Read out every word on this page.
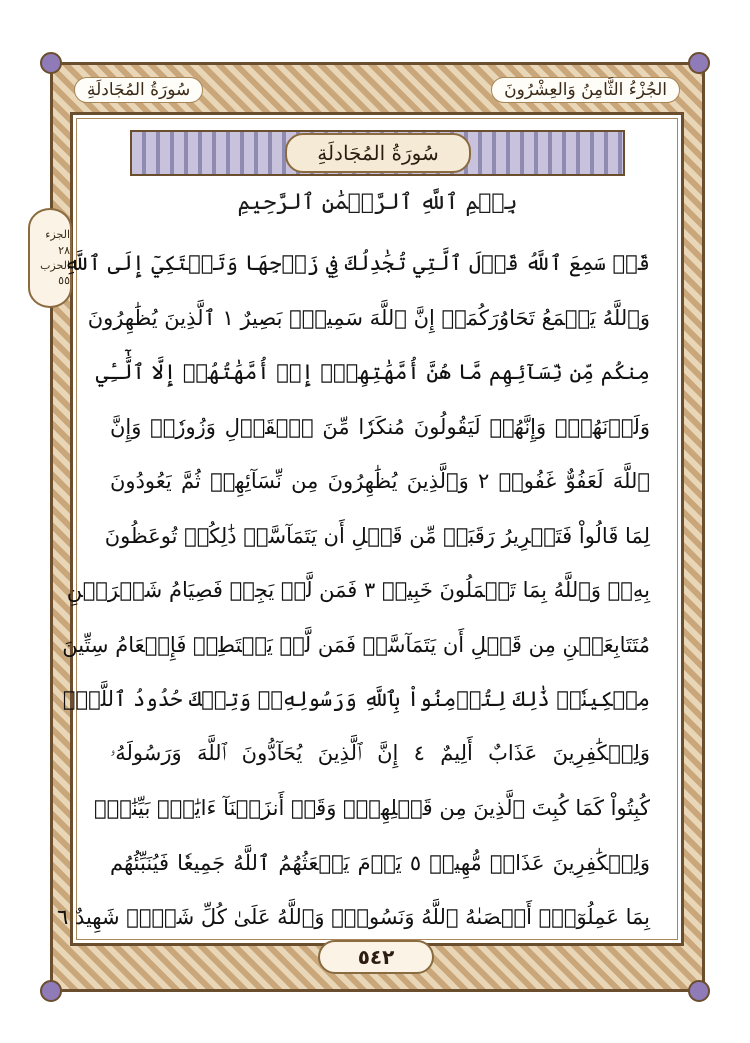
سُورَةُ المُجَادلَةِ	الجُزْءُ الثَّامِنُ وَالعِشْرُونَ
سُورَةُ المُجَادلَةِ
بِسۡمِ ٱللَّهِ ٱلرَّحۡمَٰنِ ٱلرَّحِيمِ
الجزء ٢٨
الحزب ٥٥
قَدۡ سَمِعَ ٱللَّهُ قَوۡلَ ٱلَّتِي تُجَٰدِلُكَ فِي زَوۡجِهَا وَتَشۡتَكِيٓ إِلَى ٱللَّهِ
وَٱللَّهُ يَسۡمَعُ تَحَاوُرَكُمَآۚ إِنَّ ٱللَّهَ سَمِيعُۢ بَصِيرٌ ١ ٱلَّذِينَ يُظَٰهِرُونَ
مِنكُم مِّن نِّسَآئِهِم مَّا هُنَّ أُمَّهَٰتِهِمۡۖ إِنۡ أُمَّهَٰتُهُمۡ إِلَّا ٱلَّٰٓـِٔي
وَلَدۡنَهُمۡۚ وَإِنَّهُمۡ لَيَقُولُونَ مُنكَرٗا مِّنَ ٱلۡقَوۡلِ وَزُورٗاۚ وَإِنَّ
ٱللَّهَ لَعَفُوٌّ غَفُورٞ ٢ وَٱلَّذِينَ يُظَٰهِرُونَ مِن نِّسَآئِهِمۡ ثُمَّ يَعُودُونَ
لِمَا قَالُواْ فَتَحۡرِيرُ رَقَبَةٖ مِّن قَبۡلِ أَن يَتَمَآسَّاۚ ذَٰلِكُمۡ تُوعَظُونَ
بِهِۦۚ وَٱللَّهُ بِمَا تَعۡمَلُونَ خَبِيرٞ ٣ فَمَن لَّمۡ يَجِدۡ فَصِيَامُ شَهۡرَيۡنِ
مُتَتَابِعَيۡنِ مِن قَبۡلِ أَن يَتَمَآسَّاۖ فَمَن لَّمۡ يَسۡتَطِعۡ فَإِطۡعَامُ سِتِّينَ
مِسۡكِينٗاۚ ذَٰلِكَ لِتُؤۡمِنُواْ بِٱللَّهِ وَرَسُولِهِۦۚ وَتِلۡكَ حُدُودُ ٱللَّهِۗ
وَلِلۡكَٰفِرِينَ عَذَابٌ أَلِيمٌ ٤ إِنَّ ٱلَّذِينَ يُحَآدُّونَ ٱللَّهَ وَرَسُولَهُۥ
كُبِتُواْ كَمَا كُبِتَ ٱلَّذِينَ مِن قَبۡلِهِمۡۚ وَقَدۡ أَنزَلۡنَآ ءَايَٰتِۭ بَيِّنَٰتٖۚ
وَلِلۡكَٰفِرِينَ عَذَابٞ مُّهِينٞ ٥ يَوۡمَ يَبۡعَثُهُمُ ٱللَّهُ جَمِيعٗا فَيُنَبِّئُهُم
بِمَا عَمِلُوٓاْۚ أَحۡصَىٰهُ ٱللَّهُ وَنَسُوهُۚ وَٱللَّهُ عَلَىٰ كُلِّ شَيۡءٖ شَهِيدٌ ٦
٥٤٢
